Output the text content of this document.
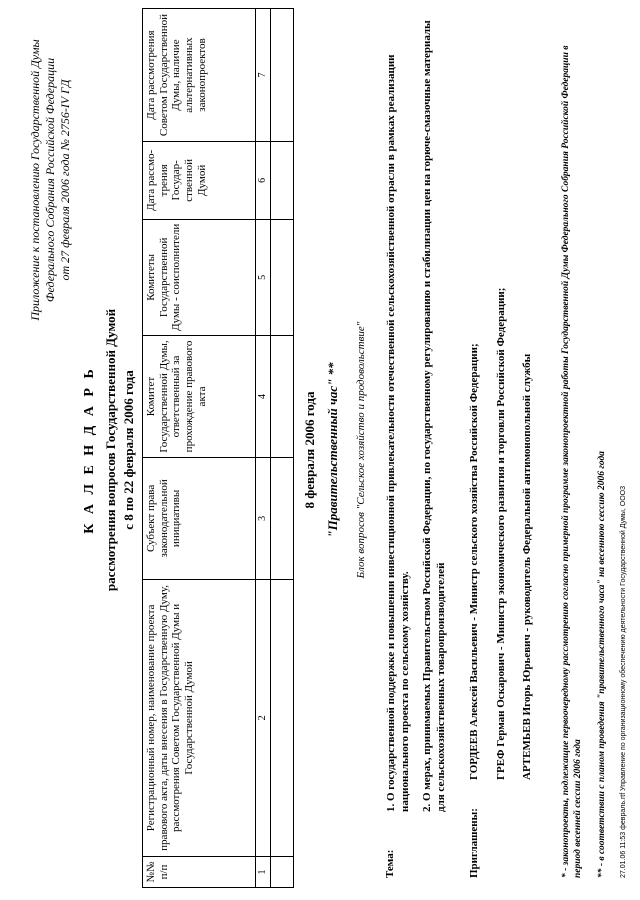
Приложение к постановлению Государственной Думы Федерального Собрания Российской Федерации от 27 февраля 2006 года № 2756-IV ГД
К А Л Е Н Д А Р Ь рассмотрения вопросов Государственной Думой с 8 по 22 февраля 2006 года
№№ п/п	Регистрационный номер, наименование проекта правового акта, даты внесения в Государственную Думу, рассмотрения Советом Государственной Думы и Государственной Думой	Субъект права законодательной инициативы	Комитет Государственной Думы, ответственный за прохождение правового акта	Комитеты Государственной Думы - соисполнители	Дата рассмо-трения Государ-ственной Думой	Дата рассмотрения Советом Государственной Думы, наличие альтернативных законопроектов
1	2	3	4	5	6	7

8 февраля 2006 года "Правительственный час" ** Блок вопросов "Сельское хозяйство и продовольствие"
Тема:
1. О государственной поддержке и повышении инвестиционной привлекательности отечественной сельскохозяйственной отрасли в рамках реализации национального проекта по сельскому хозяйству. 2. О мерах, принимаемых Правительством Российской Федерации, по государственному регулированию и стабилизации цен на горюче-смазочные материалы для сельскохозяйственных товаропроизводителей
Приглашены:
ГОРДЕЕВ Алексей Васильевич - Министр сельского хозяйства Российской Федерации; ГРЕФ Герман Оскарович - Министр экономического развития и торговли Российской Федерации; АРТЕМЬЕВ Игорь Юрьевич - руководитель Федеральной антимонопольной службы	* - законопроекты, подлежащие первоочередному рассмотрению согласно примерной программе законопроектной работы Государственной Думы Федерального Собрания Российской Федерации в период весенней сессии 2006 года ** - в соответствии с планом проведения "правительственного часа" на весеннюю сессию 2006 года 27.01.06 11:53 февраль.rtf Управление по организационному обеспечению деятельности Государственной Думы, ООО3
